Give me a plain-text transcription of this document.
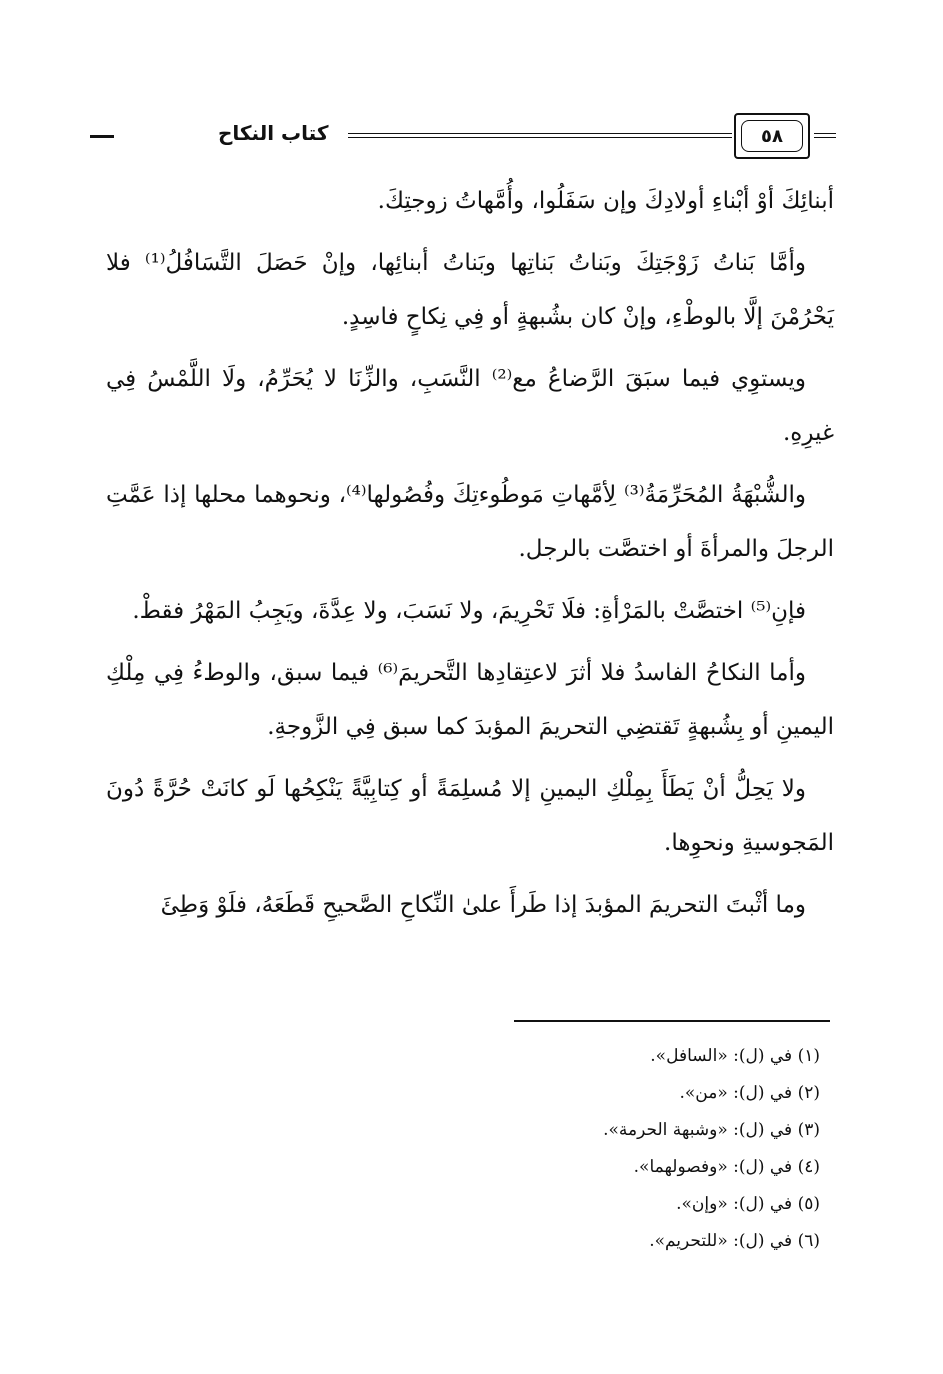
كتاب النكاح	٥٨

أبنائِكَ أوْ أبْناءِ أولادِكَ وإن سَفَلُوا، وأُمَّهاتُ زوجتِكَ.

وأمَّا بَناتُ زَوْجَتِكَ وبَناتُ بَناتِها وبَناتُ أبنائِها، وإنْ حَصَلَ التَّسَافُلُ⁽¹⁾ فلا يَحْرُمْنَ إلَّا بالوطْءِ، وإنْ كان بشُبهةٍ أو فِي نِكاحٍ فاسِدٍ.

ويستوِي فيما سبَقَ الرَّضاعُ مع⁽²⁾ النَّسَبِ، والزِّنَا لا يُحَرِّمُ، ولَا اللَّمْسُ فِي غيرِهِ.

والشُّبْهَةُ المُحَرِّمَةُ⁽³⁾ لِأمَّهاتِ مَوطُوءتِكَ وفُصُولها⁽⁴⁾، ونحوهما محلها إذا عَمَّتِ الرجلَ والمرأةَ أو اختصَّت بالرجل.

فإنِ⁽⁵⁾ اختصَّتْ بالمَرْأةِ: فلَا تَحْرِيمَ، ولا نَسَبَ، ولا عِدَّةَ، ويَجِبُ المَهْرُ فقطْ.

وأما النكاحُ الفاسدُ فلا أثرَ لاعتِقادِها التَّحريمَ⁽⁶⁾ فيما سبق، والوطءُ فِي مِلْكِ اليمينِ أو بِشُبهةٍ تَقتضِي التحريمَ المؤبدَ كما سبق فِي الزَّوجةِ.

ولا يَحِلُّ أنْ يَطَأَ بِمِلْكِ اليمينِ إلا مُسلِمَةً أو كِتابِيَّةً يَنْكِحُها لَو كانَتْ حُرَّةً دُونَ المَجوسيةِ ونحوِها.

وما أثْبتَ التحريمَ المؤبدَ إذا طَرأَ علىٰ النِّكاحِ الصَّحيحِ قَطَعَهُ، فلَوْ وَطِئَ

(١) في (ل): «السافل».
(٢) في (ل): «من».
(٣) في (ل): «وشبهة الحرمة».
(٤) في (ل): «وفصولهما».
(٥) في (ل): «وإن».
(٦) في (ل): «للتحريم».
